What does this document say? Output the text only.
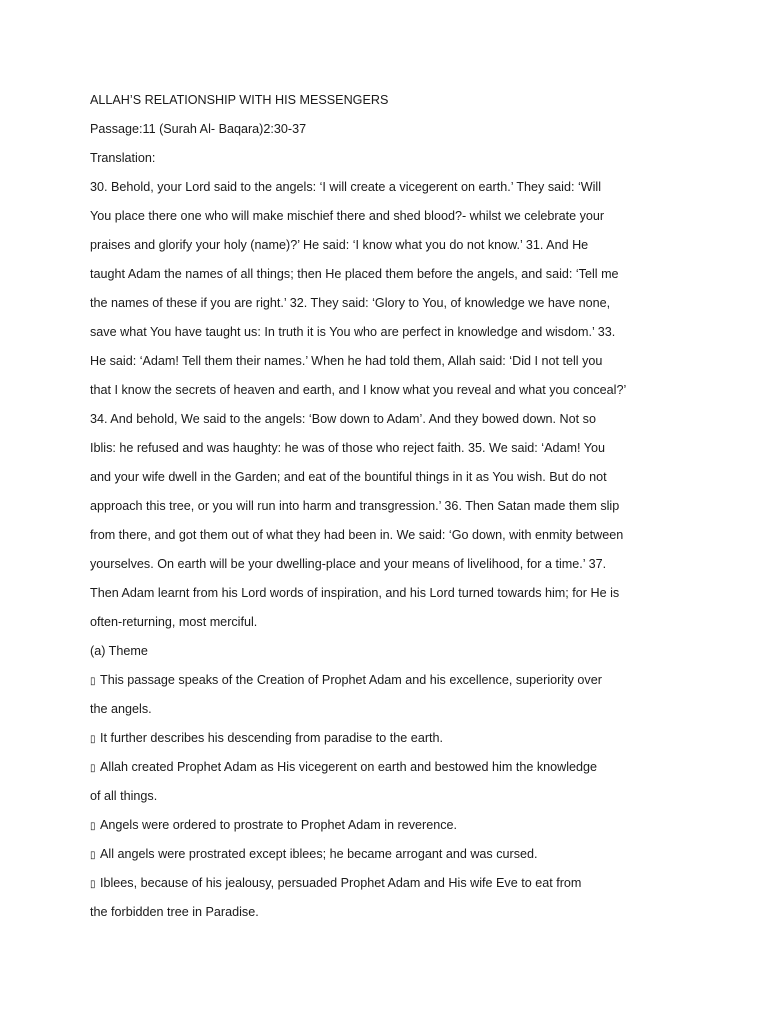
ALLAH’S RELATIONSHIP WITH HIS MESSENGERS
Passage:11 (Surah Al- Baqara)2:30-37
Translation:
30. Behold, your Lord said to the angels: ‘I will create a vicegerent on earth.’ They said: ‘Will
You place there one who will make mischief there and shed blood?- whilst we celebrate your
praises and glorify your holy (name)?’ He said: ‘I know what you do not know.’ 31. And He
taught Adam the names of all things; then He placed them before the angels, and said: ‘Tell me
the names of these if you are right.’ 32. They said: ‘Glory to You, of knowledge we have none,
save what You have taught us: In truth it is You who are perfect in knowledge and wisdom.’ 33.
He said: ‘Adam! Tell them their names.’ When he had told them, Allah said: ‘Did I not tell you
that I know the secrets of heaven and earth, and I know what you reveal and what you conceal?’
34. And behold, We said to the angels: ‘Bow down to Adam’. And they bowed down. Not so
Iblis: he refused and was haughty: he was of those who reject faith. 35. We said: ‘Adam! You
and your wife dwell in the Garden; and eat of the bountiful things in it as You wish. But do not
approach this tree, or you will run into harm and transgression.’ 36. Then Satan made them slip
from there, and got them out of what they had been in. We said: ‘Go down, with enmity between
yourselves. On earth will be your dwelling-place and your means of livelihood, for a time.’ 37.
Then Adam learnt from his Lord words of inspiration, and his Lord turned towards him; for He is
often-returning, most merciful.
(a) Theme
▯ This passage speaks of the Creation of Prophet Adam and his excellence, superiority over
the angels.
▯ It further describes his descending from paradise to the earth.
▯ Allah created Prophet Adam as His vicegerent on earth and bestowed him the knowledge
of all things.
▯ Angels were ordered to prostrate to Prophet Adam in reverence.
▯ All angels were prostrated except iblees; he became arrogant and was cursed.
▯ Iblees, because of his jealousy, persuaded Prophet Adam and His wife Eve to eat from
the forbidden tree in Paradise.
